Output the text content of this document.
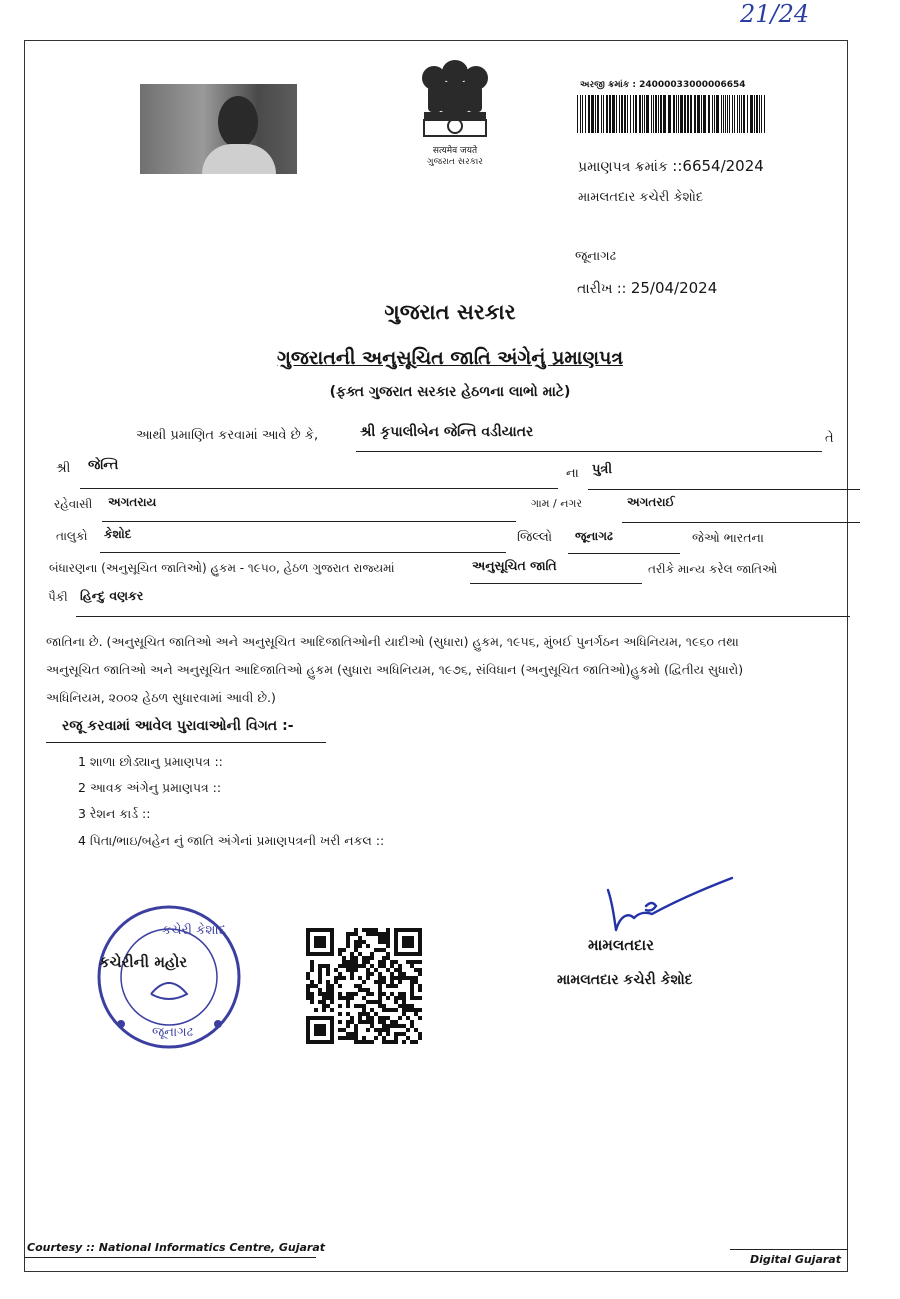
21/24
सत्यमेव जयते
ગુજરાત સરકાર
અરજી ક્રમાંક : 24000033000006654
પ્રમાણપત્ર ક્રમાંક ::6654/2024
મામલતદાર કચેરી કેશોદ
જૂનાગઢ
તારીખ :: 25/04/2024
ગુજરાત સરકાર
ગુજરાતની અનુસૂચિત જાતિ અંગેનું પ્રમાણપત્ર
(ફક્ત ગુજરાત સરકાર હેઠળના લાભો માટે)
આથી પ્રમાણિત કરવામાં આવે છે કે,	શ્રી કૃપાલીબેન જેન્તિ વડીયાતર	તે
શ્રી જેન્તિ
ના પુત્રી
રહેવાસી અગતરાય	ગામ / નગર	અગતરાઈ
તાલુકો કેશોદ	જિલ્લો જૂનાગઢ	જેઓ ભારતના
બંધારણના (અનુસૂચિત જાતિઓ) હુકમ - ૧૯૫૦, હેઠળ ગુજરાત રાજ્યમાં	અનુસૂચિત જાતિ	તરીકે માન્ય કરેલ જાતિઓ
પૈકી હિન્દુ વણકર
જાતિના છે. (અનુસૂચિત જાતિઓ અને અનુસૂચિત આદિજાતિઓની યાદીઓ (સુધારા) હુકમ, ૧૯૫૬, મુંબઈ પુનર્ગઠન અધિનિયમ, ૧૯૬૦ તથા
અનુસૂચિત જાતિઓ અને અનુસૂચિત આદિજાતિઓ હુકમ (સુધારા અધિનિયમ, ૧૯૭૬, સંવિધાન (અનુસૂચિત જાતિઓ)હુકમો (દ્વિતીય સુધારો)
અધિનિયમ, ૨૦૦૨ હેઠળ સુધારવામાં આવી છે.)
રજૂ કરવામાં આવેલ પુરાવાઓની વિગત :-
1 શાળા છોડ્યાનુ પ્રમાણપત્ર ::
2 આવક અંગેનુ પ્રમાણપત્ર ::
3 રેશન કાર્ડ ::
4 પિતા/ભાઇ/બહેન નું જાતિ અંગેનાં પ્રમાણપત્રની ખરી નકલ ::
કચેરી કેશોદ
જૂનાગઢ
કચેરીની મહોર
મામલતદાર
મામલતદાર કચેરી કેશોદ
Courtesy :: National Informatics Centre, Gujarat
Digital Gujarat
